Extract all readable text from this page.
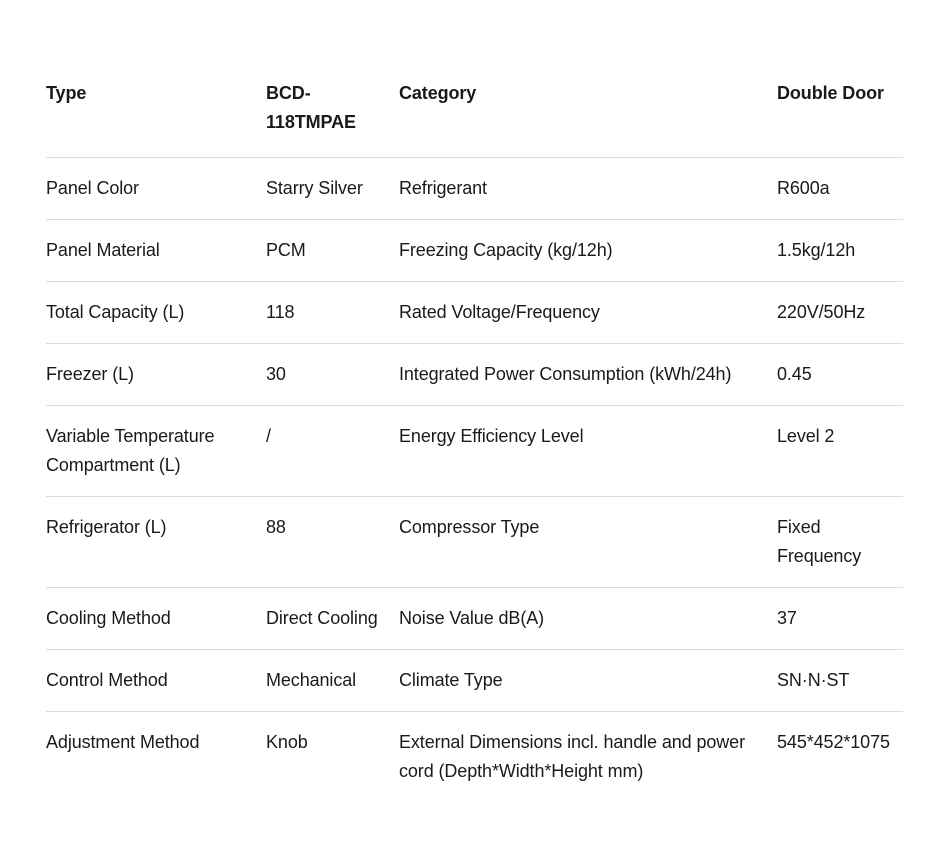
Type	BCD-118TMPAE	Category	Double Door
Panel Color	Starry Silver	Refrigerant	R600a
Panel Material	PCM	Freezing Capacity (kg/12h)	1.5kg/12h
Total Capacity (L)	118	Rated Voltage/Frequency	220V/50Hz
Freezer (L)	30	Integrated Power Consumption (kWh/24h)	0.45
Variable Temperature Compartment (L)	/	Energy Efficiency Level	Level 2
Refrigerator (L)	88	Compressor Type	Fixed Frequency
Cooling Method	Direct Cooling	Noise Value dB(A)	37
Control Method	Mechanical	Climate Type	SN·N·ST
Adjustment Method	Knob	External Dimensions incl. handle and power cord (Depth*Width*Height mm)	545*452*1075
